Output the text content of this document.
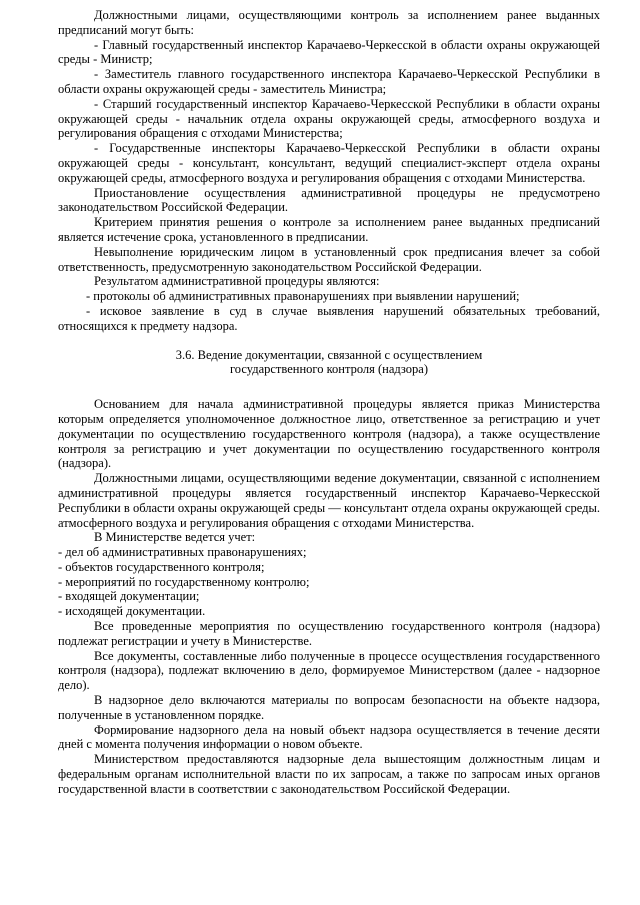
Должностными лицами, осуществляющими контроль за исполнением ранее выданных предписаний могут быть:

- Главный государственный инспектор Карачаево-Черкесской в области охраны окружающей среды - Министр;

- Заместитель главного государственного инспектора Карачаево-Черкесской Республики в области охраны окружающей среды - заместитель Министра;

- Старший государственный инспектор Карачаево-Черкесской Республики в области охраны окружающей среды - начальник отдела охраны окружающей среды, атмосферного воздуха и регулирования обращения с отходами Министерства;

- Государственные инспекторы Карачаево-Черкесской Республики в области охраны окружающей среды - консультант, консультант, ведущий специалист-эксперт отдела охраны окружающей среды, атмосферного воздуха и регулирования обращения с отходами Министерства.

Приостановление осуществления административной процедуры не предусмотрено законодательством Российской Федерации.

Критерием принятия решения о контроле за исполнением ранее выданных предписаний является истечение срока, установленного в предписании.

Невыполнение юридическим лицом в установленный срок предписания влечет за собой ответственность, предусмотренную законодательством Российской Федерации.

Результатом административной процедуры являются:

- протоколы об административных правонарушениях при выявлении нарушений;

- исковое заявление в суд в случае выявления нарушений обязательных требований, относящихся к предмету надзора.

3.6. Ведение документации, связанной с осуществлением
государственного контроля (надзора)

Основанием для начала административной процедуры является приказ Министерства которым определяется уполномоченное должностное лицо, ответственное за регистрацию и учет документации по осуществлению государственного контроля (надзора), а также осуществление контроля за регистрацию и учет документации по осуществлению государственного контроля (надзора).

Должностными лицами, осуществляющими ведение документации, связанной с исполнением административной процедуры является государственный инспектор Карачаево-Черкесской Республики в области охраны окружающей среды — консультант отдела охраны окружающей среды. атмосферного воздуха и регулирования обращения с отходами Министерства.

В Министерстве ведется учет:

- дел об административных правонарушениях;

- объектов государственного контроля;

- мероприятий по государственному контролю;

- входящей документации;

- исходящей документации.

Все проведенные мероприятия по осуществлению государственного контроля (надзора) подлежат регистрации и учету в Министерстве.

Все документы, составленные либо полученные в процессе осуществления государственного контроля (надзора), подлежат включению в дело, формируемое Министерством (далее - надзорное дело).

В надзорное дело включаются материалы по вопросам безопасности на объекте надзора, полученные в установленном порядке.

Формирование надзорного дела на новый объект надзора осуществляется в течение десяти дней с момента получения информации о новом объекте.

Министерством предоставляются надзорные дела вышестоящим должностным лицам и федеральным органам исполнительной власти по их запросам, а также по запросам иных органов государственной власти в соответствии с законодательством Российской Федерации.
